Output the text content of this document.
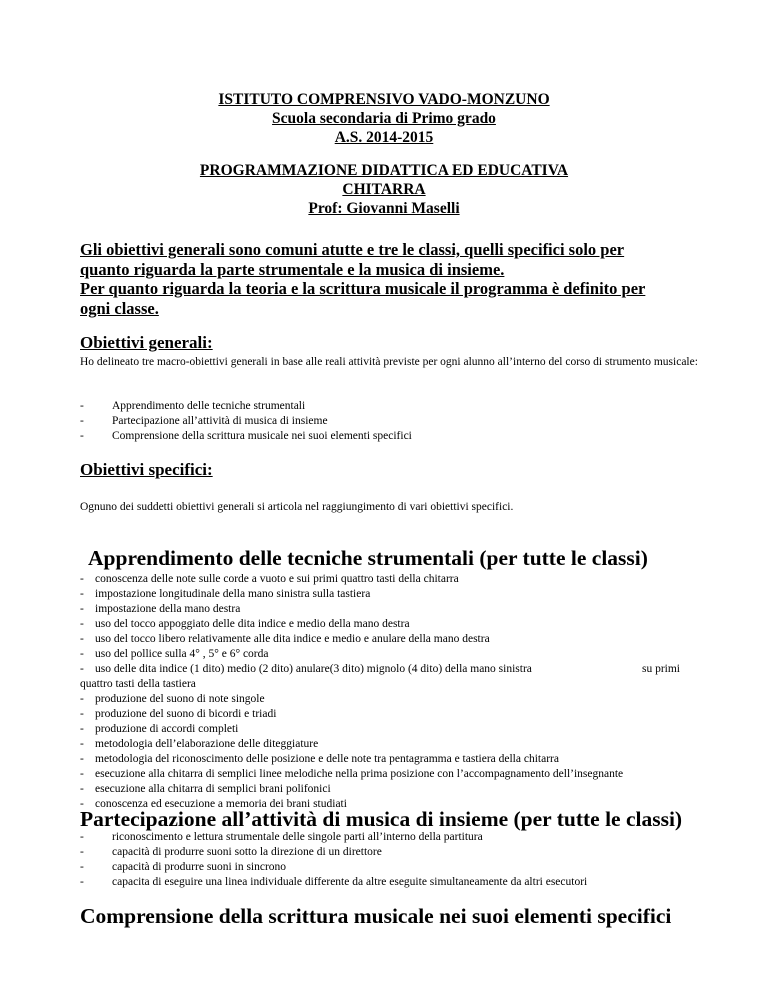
ISTITUTO COMPRENSIVO VADO-MONZUNO
Scuola secondaria di Primo grado
A.S. 2014-2015
PROGRAMMAZIONE DIDATTICA ED EDUCATIVA
CHITARRA
Prof: Giovanni Maselli
Gli obiettivi generali sono comuni atutte e tre le classi, quelli specifici solo per
quanto riguarda la parte strumentale e la musica di insieme.
Per quanto riguarda la teoria e la scrittura musicale il programma è definito per
ogni classe.
Obiettivi generali:
Ho delineato tre macro-obiettivi generali in base alle reali attività previste per ogni alunno all’interno del corso di strumento musicale:
- Apprendimento delle tecniche strumentali
- Partecipazione all’attività di musica di insieme
- Comprensione della scrittura musicale nei suoi elementi specifici
Obiettivi specifici:
Ognuno dei suddetti obiettivi generali si articola nel raggiungimento di vari obiettivi specifici.
Apprendimento delle tecniche strumentali (per tutte le classi)
- conoscenza delle note sulle corde a vuoto e sui primi quattro tasti della chitarra
- impostazione longitudinale della mano sinistra sulla tastiera
- impostazione della mano destra
- uso del tocco appoggiato delle dita indice e medio della mano destra
- uso del tocco libero relativamente alle dita indice e medio e anulare della mano destra
- uso del pollice sulla 4° , 5° e 6° corda
- uso delle dita indice (1 dito) medio (2 dito) anulare(3 dito) mignolo (4 dito) della mano sinistra	su primi
quattro tasti della tastiera
- produzione del suono di note singole
- produzione del suono di bicordi e triadi
- produzione di accordi completi
- metodologia dell’elaborazione delle diteggiature
- metodologia del riconoscimento delle posizione e delle note tra pentagramma e tastiera della chitarra
- esecuzione alla chitarra di semplici linee melodiche nella prima posizione con l’accompagnamento dell’insegnante
- esecuzione alla chitarra di semplici brani polifonici
- conoscenza ed esecuzione a memoria dei brani studiati
Partecipazione all’attività di musica di insieme (per tutte le classi)
- riconoscimento e lettura strumentale delle singole parti all’interno della partitura
- capacità di produrre suoni sotto la direzione di un direttore
- capacità di produrre suoni in sincrono
- capacita di eseguire una linea individuale differente da altre eseguite simultaneamente da altri esecutori
Comprensione della scrittura musicale nei suoi elementi specifici
